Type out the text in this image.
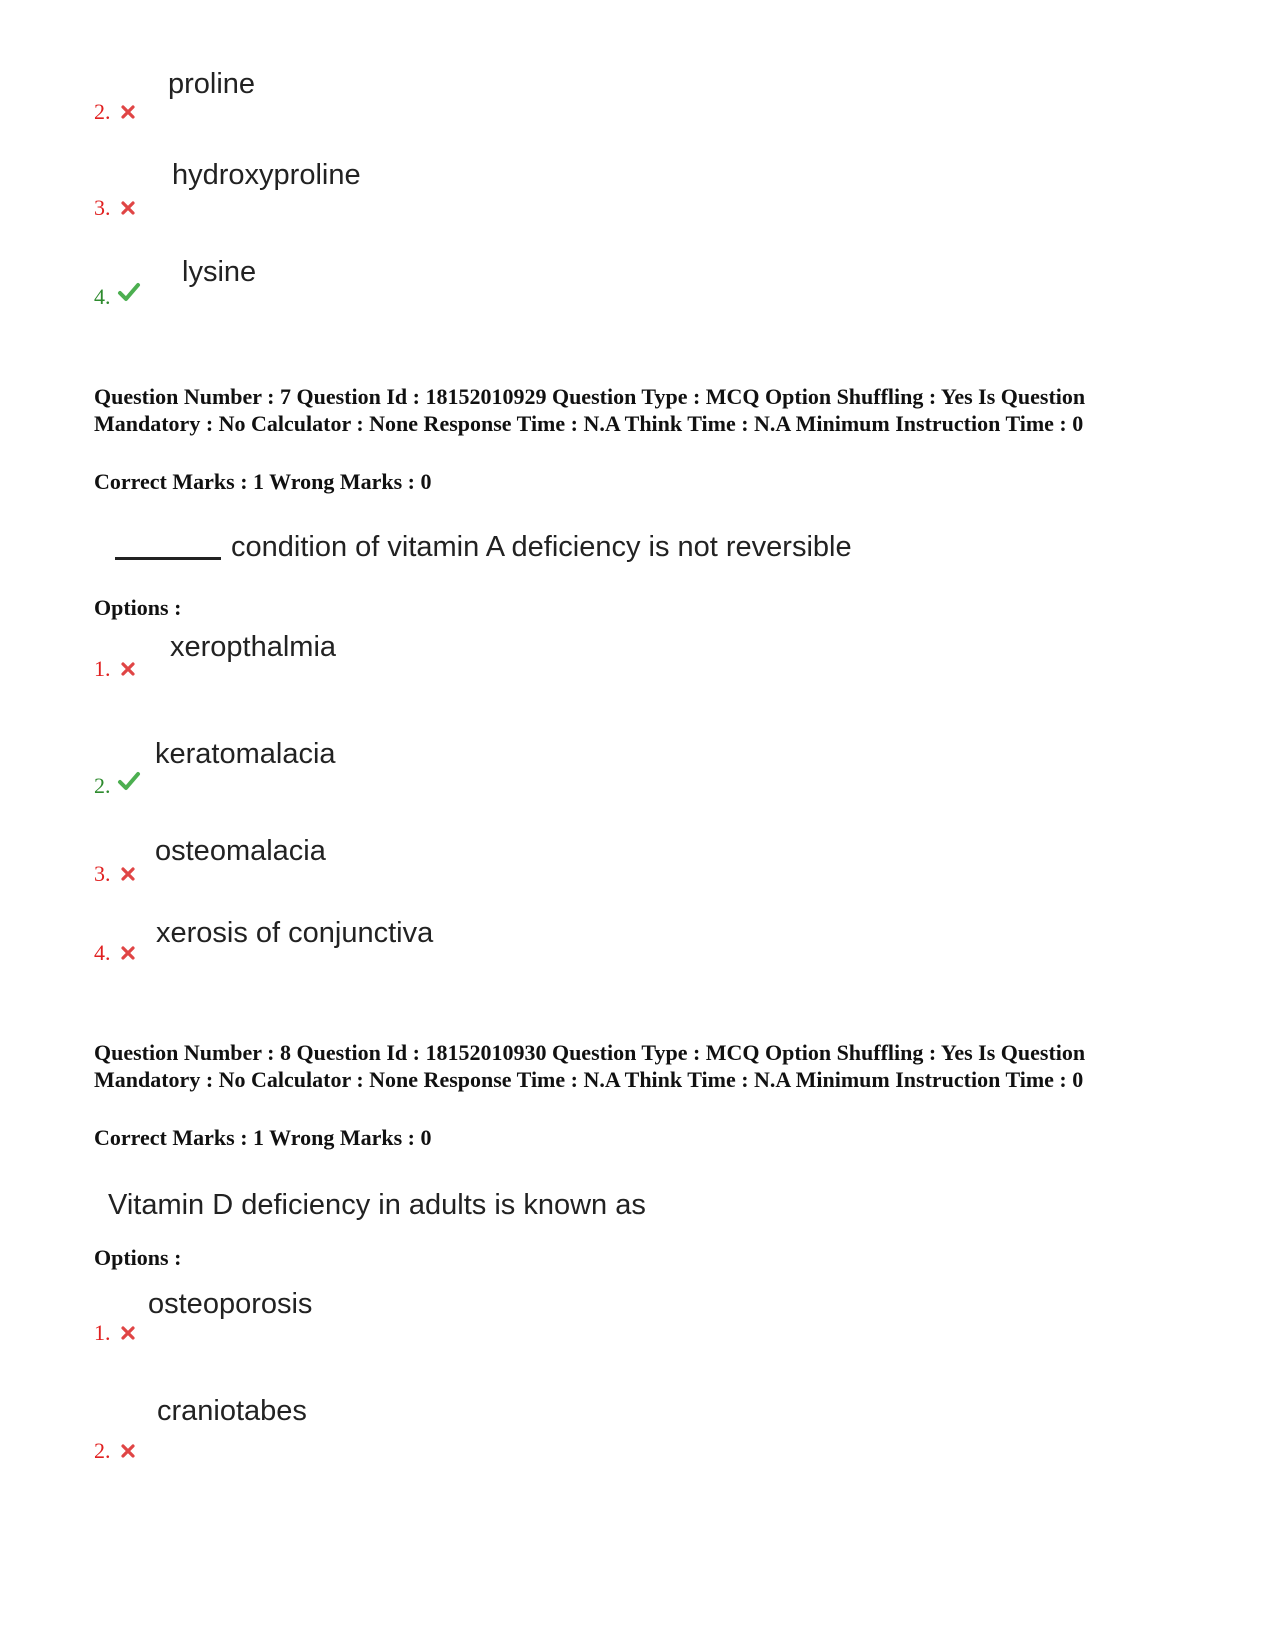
proline
2.
hydroxyproline
3.
lysine
4.
Question Number : 7 Question Id : 18152010929 Question Type : MCQ Option Shuffling : Yes Is Question Mandatory : No Calculator : None Response Time : N.A Think Time : N.A Minimum Instruction Time : 0
Correct Marks : 1 Wrong Marks : 0
condition of vitamin A deficiency is not reversible
Options :
xeropthalmia
1.
keratomalacia
2.
osteomalacia
3.
xerosis of conjunctiva
4.
Question Number : 8 Question Id : 18152010930 Question Type : MCQ Option Shuffling : Yes Is Question Mandatory : No Calculator : None Response Time : N.A Think Time : N.A Minimum Instruction Time : 0
Correct Marks : 1 Wrong Marks : 0
Vitamin D deficiency in adults is known as
Options :
osteoporosis
1.
craniotabes
2.
